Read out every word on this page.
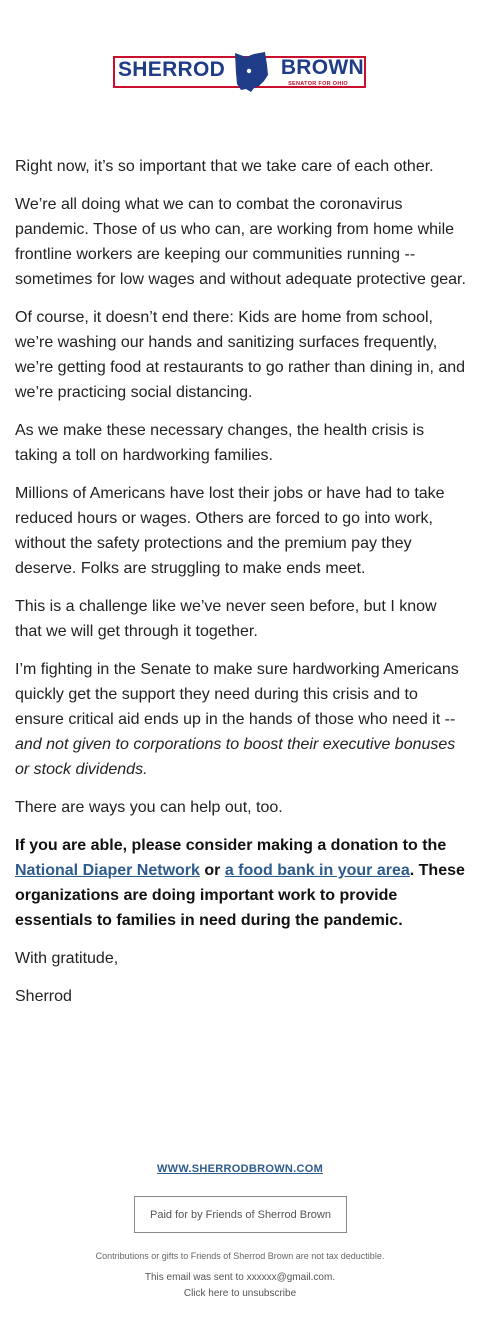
SHERROD	BROWN
SENATOR FOR OHIO

Right now, it’s so important that we take care of each other.

We’re all doing what we can to combat the coronavirus pandemic. Those of us who can, are working from home while frontline workers are keeping our communities running -- sometimes for low wages and without adequate protective gear.

Of course, it doesn’t end there: Kids are home from school, we’re washing our hands and sanitizing surfaces frequently, we’re getting food at restaurants to go rather than dining in, and we’re practicing social distancing.

As we make these necessary changes, the health crisis is taking a toll on hardworking families.

Millions of Americans have lost their jobs or have had to take reduced hours or wages. Others are forced to go into work, without the safety protections and the premium pay they deserve. Folks are struggling to make ends meet.

This is a challenge like we’ve never seen before, but I know that we will get through it together.

I’m fighting in the Senate to make sure hardworking Americans quickly get the support they need during this crisis and to ensure critical aid ends up in the hands of those who need it -- and not given to corporations to boost their executive bonuses or stock dividends.

There are ways you can help out, too.

If you are able, please consider making a donation to the National Diaper Network or a food bank in your area. These organizations are doing important work to provide essentials to families in need during the pandemic.

With gratitude,

Sherrod

WWW.SHERRODBROWN.COM
Paid for by Friends of Sherrod Brown
Contributions or gifts to Friends of Sherrod Brown are not tax deductible.
This email was sent to xxxxxx@gmail.com.
Click here to unsubscribe
